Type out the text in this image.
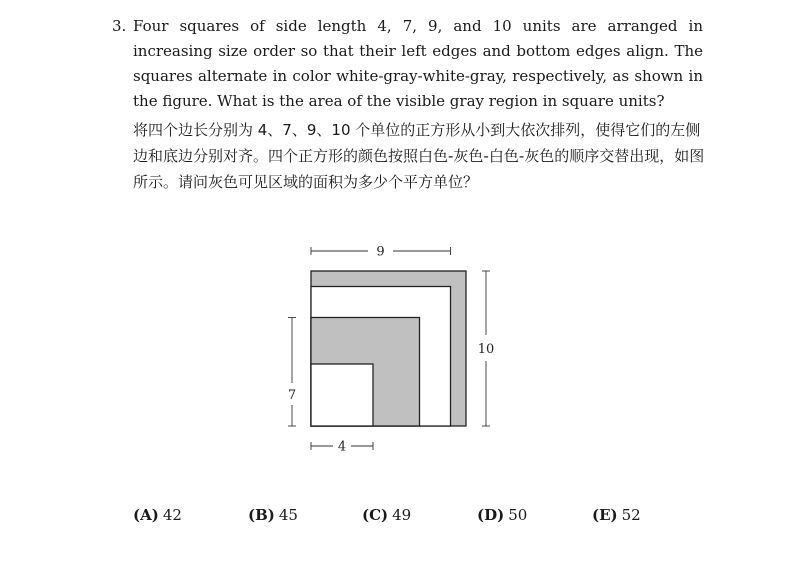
3. Four squares of side length 4, 7, 9, and 10 units are arranged in increasing size order so that their left edges and bottom edges align. The squares alternate in color white-gray-white-gray, respectively, as shown in the figure. What is the area of the visible gray region in square units?
将四个边长分别为 4、7、9、10 个单位的正方形从小到大依次排列，使得它们的左侧边和底边分别对齐。四个正方形的颜色按照白色-灰色-白色-灰色的顺序交替出现，如图所示。请问灰色可见区域的面积为多少个平方单位？
9
10
7
4
(A) 42	(B) 45	(C) 49	(D) 50	(E) 52
